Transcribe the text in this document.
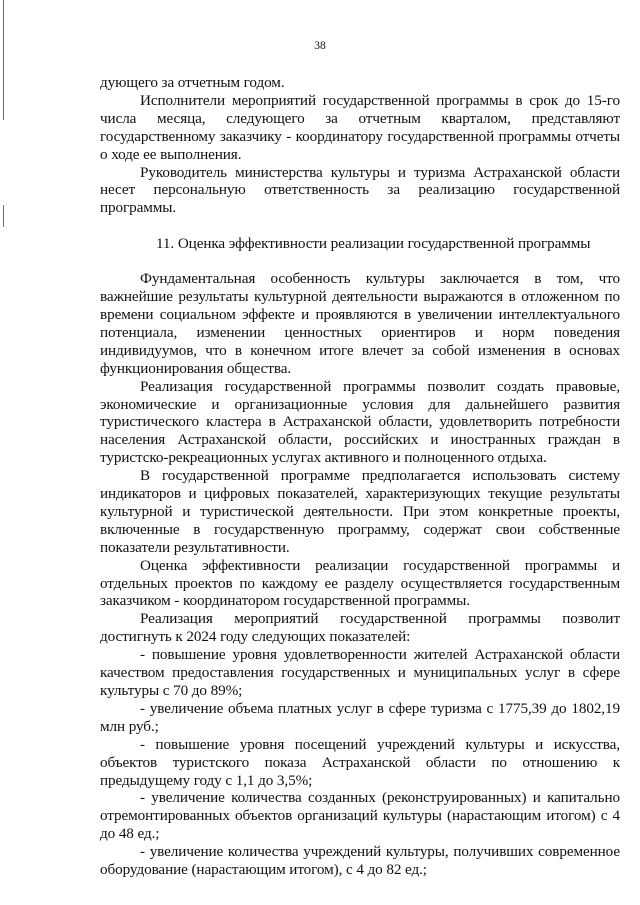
38

дующего за отчетным годом.

Исполнители мероприятий государственной программы в срок до 15-го числа месяца, следующего за отчетным кварталом, представляют государственному заказчику - координатору государственной программы отчеты о ходе ее выполнения.

Руководитель министерства культуры и туризма Астраханской области несет персональную ответственность за реализацию государственной программы.

11. Оценка эффективности реализации государственной программы

Фундаментальная особенность культуры заключается в том, что важнейшие результаты культурной деятельности выражаются в отложенном по времени социальном эффекте и проявляются в увеличении интеллектуального потенциала, изменении ценностных ориентиров и норм поведения индивидуумов, что в конечном итоге влечет за собой изменения в основах функционирования общества.

Реализация государственной программы позволит создать правовые, экономические и организационные условия для дальнейшего развития туристического кластера в Астраханской области, удовлетворить потребности населения Астраханской области, российских и иностранных граждан в туристско-рекреационных услугах активного и полноценного отдыха.

В государственной программе предполагается использовать систему индикаторов и цифровых показателей, характеризующих текущие результаты культурной и туристической деятельности. При этом конкретные проекты, включенные в государственную программу, содержат свои собственные показатели результативности.

Оценка эффективности реализации государственной программы и отдельных проектов по каждому ее разделу осуществляется государственным заказчиком - координатором государственной программы.

Реализация мероприятий государственной программы позволит достигнуть к 2024 году следующих показателей:

- повышение уровня удовлетворенности жителей Астраханской области качеством предоставления государственных и муниципальных услуг в сфере культуры с 70 до 89%;

- увеличение объема платных услуг в сфере туризма с 1775,39 до 1802,19 млн руб.;

- повышение уровня посещений учреждений культуры и искусства, объектов туристского показа Астраханской области по отношению к предыдущему году с 1,1 до 3,5%;

- увеличение количества созданных (реконструированных) и капитально отремонтированных объектов организаций культуры (нарастающим итогом) с 4 до 48 ед.;

- увеличение количества учреждений культуры, получивших современное оборудование (нарастающим итогом), с 4 до 82 ед.;
